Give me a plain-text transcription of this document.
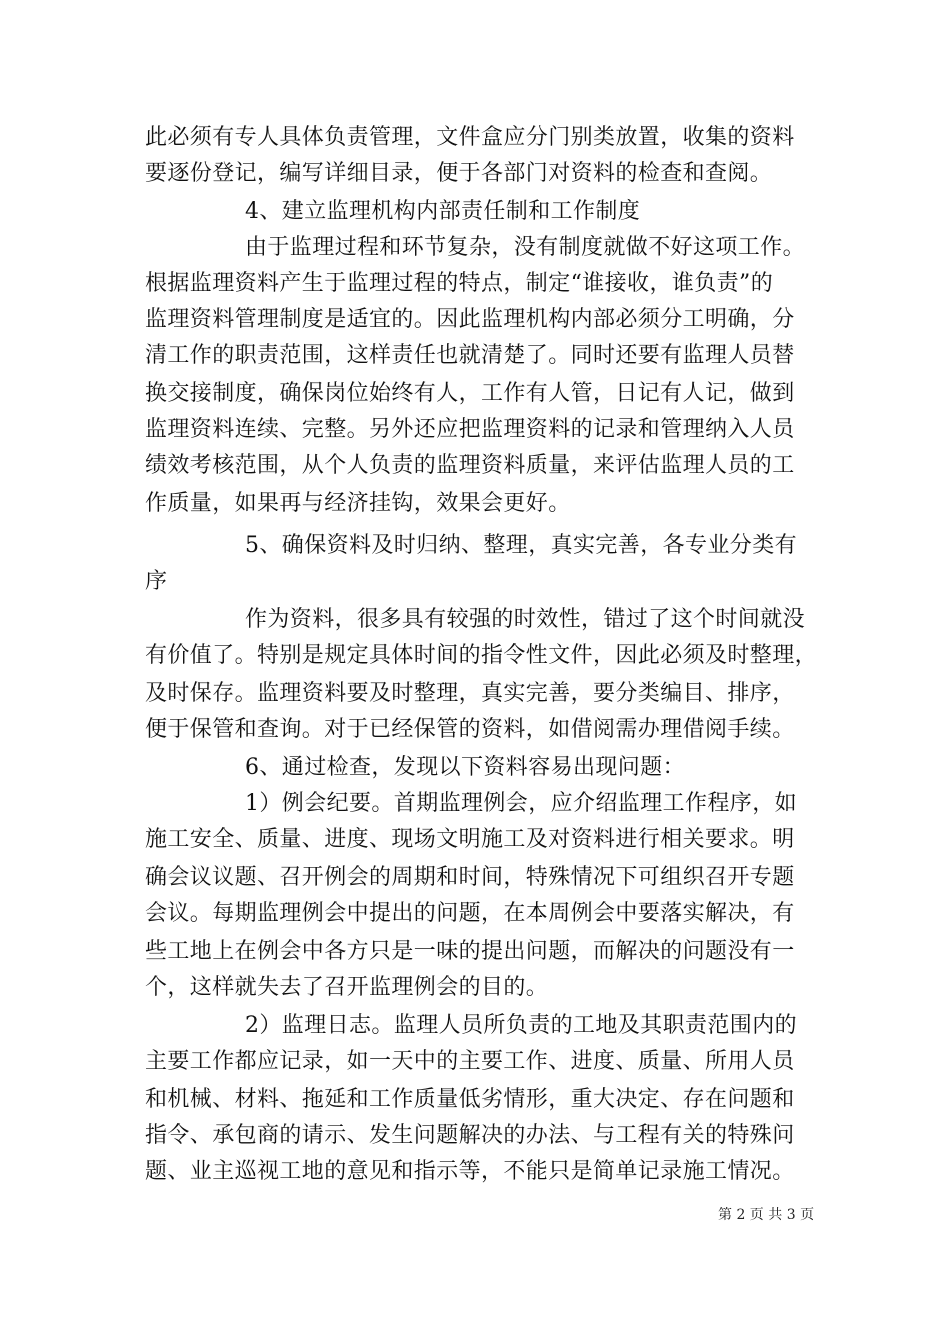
此必须有专人具体负责管理，文件盒应分门别类放置，收集的资料
要逐份登记，编写详细目录，便于各部门对资料的检查和查阅。
4、建立监理机构内部责任制和工作制度
由于监理过程和环节复杂，没有制度就做不好这项工作。
根据监理资料产生于监理过程的特点，制定“谁接收，谁负责”的
监理资料管理制度是适宜的。因此监理机构内部必须分工明确，分
清工作的职责范围，这样责任也就清楚了。同时还要有监理人员替
换交接制度，确保岗位始终有人，工作有人管，日记有人记，做到
监理资料连续、完整。另外还应把监理资料的记录和管理纳入人员
绩效考核范围，从个人负责的监理资料质量，来评估监理人员的工
作质量，如果再与经济挂钩，效果会更好。
5、确保资料及时归纳、整理，真实完善，各专业分类有
序
作为资料，很多具有较强的时效性，错过了这个时间就没
有价值了。特别是规定具体时间的指令性文件，因此必须及时整理，
及时保存。监理资料要及时整理，真实完善，要分类编目、排序，
便于保管和查询。对于已经保管的资料，如借阅需办理借阅手续。
6、通过检查，发现以下资料容易出现问题：
1）例会纪要。首期监理例会，应介绍监理工作程序，如
施工安全、质量、进度、现场文明施工及对资料进行相关要求。明
确会议议题、召开例会的周期和时间，特殊情况下可组织召开专题
会议。每期监理例会中提出的问题，在本周例会中要落实解决，有
些工地上在例会中各方只是一味的提出问题，而解决的问题没有一
个，这样就失去了召开监理例会的目的。
2）监理日志。监理人员所负责的工地及其职责范围内的
主要工作都应记录，如一天中的主要工作、进度、质量、所用人员
和机械、材料、拖延和工作质量低劣情形，重大决定、存在问题和
指令、承包商的请示、发生问题解决的办法、与工程有关的特殊问
题、业主巡视工地的意见和指示等，不能只是简单记录施工情况。
第 2 页 共 3 页
